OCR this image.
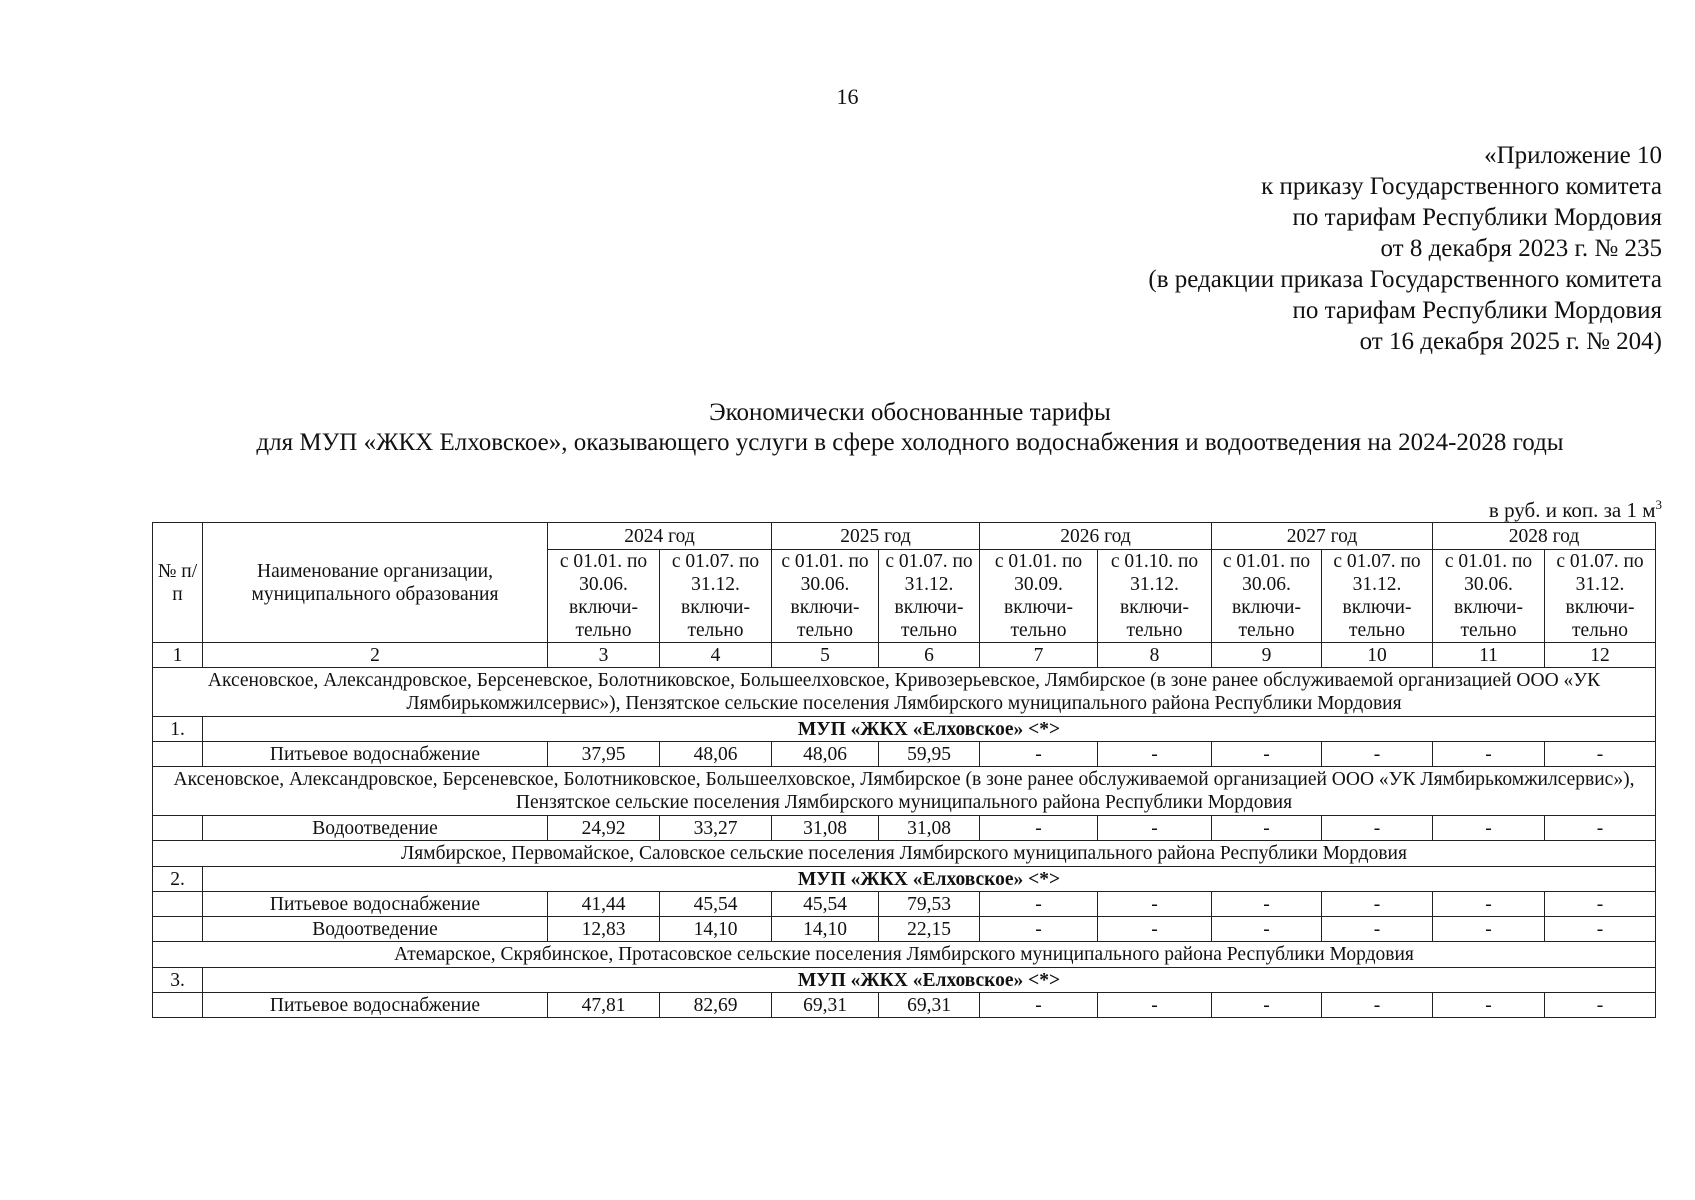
16
«Приложение 10
к приказу Государственного комитета
по тарифам Республики Мордовия
от 8 декабря 2023 г. № 235
(в редакции приказа Государственного комитета
по тарифам Республики Мордовия
от 16 декабря 2025 г. № 204)
Экономически обоснованные тарифы
для МУП «ЖКХ Елховское», оказывающего услуги в сфере холодного водоснабжения и водоотведения на 2024-2028 годы
в руб. и коп. за 1 $м^3$
№ п/п	Наименование организации, муниципального образования	2024 год		2025 год		2026 год		2027 год		2028 год	
		с 01.01. по 30.06. включи-тельно	с 01.07. по 31.12. включи-тельно	с 01.01. по 30.06. включи-тельно	с 01.07. по 31.12. включи-тельно	с 01.01. по 30.09. включи-тельно	с 01.10. по 31.12. включи-тельно	с 01.01. по 30.06. включи-тельно	с 01.07. по 31.12. включи-тельно	с 01.01. по 30.06. включи-тельно	с 01.07. по 31.12. включи-тельно
1	2	3	4	5	6	7	8	9	10	11	12
Аксеновское, Александровское, Берсеневское, Болотниковское, Большеелховское, Кривозерьевское, Лямбирское (в зоне ранее обслуживаемой организацией ООО «УК Лямбирькомжилсервис»), Пензятское сельские поселения Лямбирского муниципального района Республики Мордовия											
1.	МУП «ЖКХ «Елховское» <*>										
	Питьевое водоснабжение	37,95	48,06	48,06	59,95	-	-	-	-	-	-
Аксеновское, Александровское, Берсеневское, Болотниковское, Большеелховское, Лямбирское (в зоне ранее обслуживаемой организацией ООО «УК Лямбирькомжилсервис»), Пензятское сельские поселения Лямбирского муниципального района Республики Мордовия											
	Водоотведение	24,92	33,27	31,08	31,08	-	-	-	-	-	-
Лямбирское, Первомайское, Саловское сельские поселения Лямбирского муниципального района Республики Мордовия											
2.	МУП «ЖКХ «Елховское» <*>										
	Питьевое водоснабжение	41,44	45,54	45,54	79,53	-	-	-	-	-	-
	Водоотведение	12,83	14,10	14,10	22,15	-	-	-	-	-	-
Атемарское, Скрябинское, Протасовское сельские поселения Лямбирского муниципального района Республики Мордовия											
3.	МУП «ЖКХ «Елховское» <*>										
	Питьевое водоснабжение	47,81	82,69	69,31	69,31	-	-	-	-	-	-
